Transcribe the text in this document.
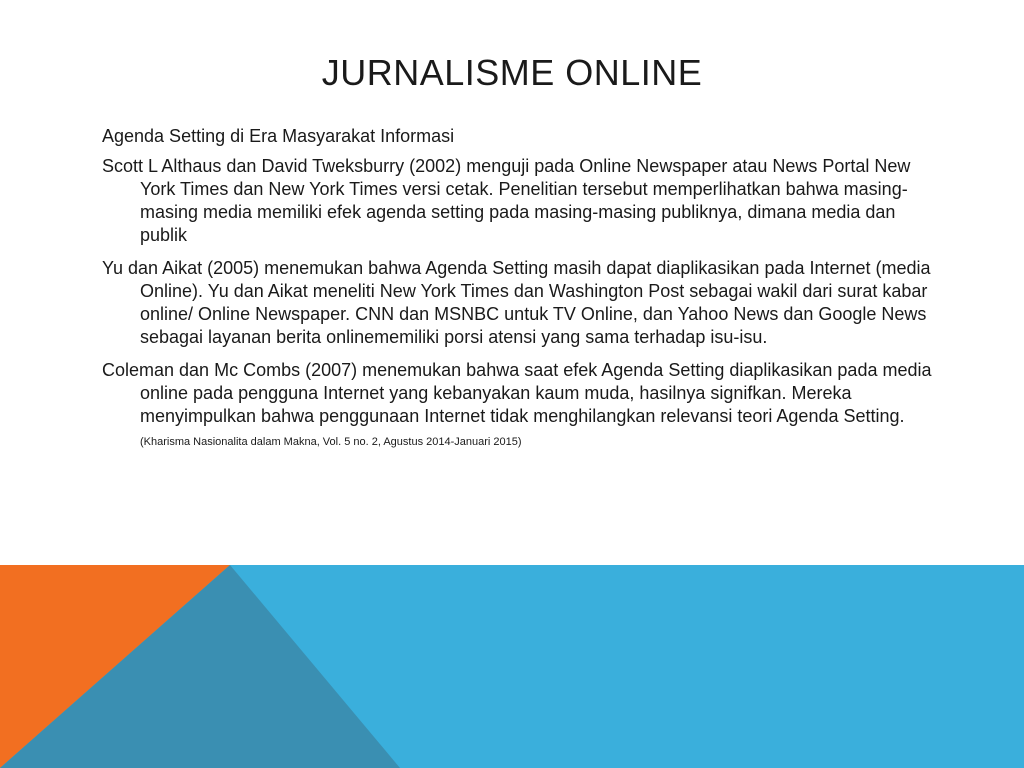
JURNALISME ONLINE

Agenda Setting di Era Masyarakat Informasi

Scott L Althaus dan David Tweksburry (2002) menguji pada Online Newspaper atau News Portal New York Times dan New York Times versi cetak. Penelitian tersebut memperlihatkan bahwa masing-masing media memiliki efek agenda setting pada masing-masing publiknya, dimana media dan publik

Yu dan Aikat (2005) menemukan bahwa Agenda Setting masih dapat diaplikasikan pada Internet (media Online). Yu dan Aikat meneliti New York Times dan Washington Post sebagai wakil dari surat kabar online/ Online Newspaper. CNN dan MSNBC untuk TV Online, dan Yahoo News dan Google News sebagai layanan berita onlinememiliki porsi atensi yang sama terhadap isu-isu.

Coleman dan Mc Combs (2007) menemukan bahwa saat efek Agenda Setting diaplikasikan pada media online pada pengguna Internet yang kebanyakan kaum muda, hasilnya signifkan. Mereka menyimpulkan bahwa penggunaan Internet tidak menghilangkan relevansi teori Agenda Setting. (Kharisma Nasionalita dalam Makna, Vol. 5 no. 2, Agustus 2014-Januari 2015)
